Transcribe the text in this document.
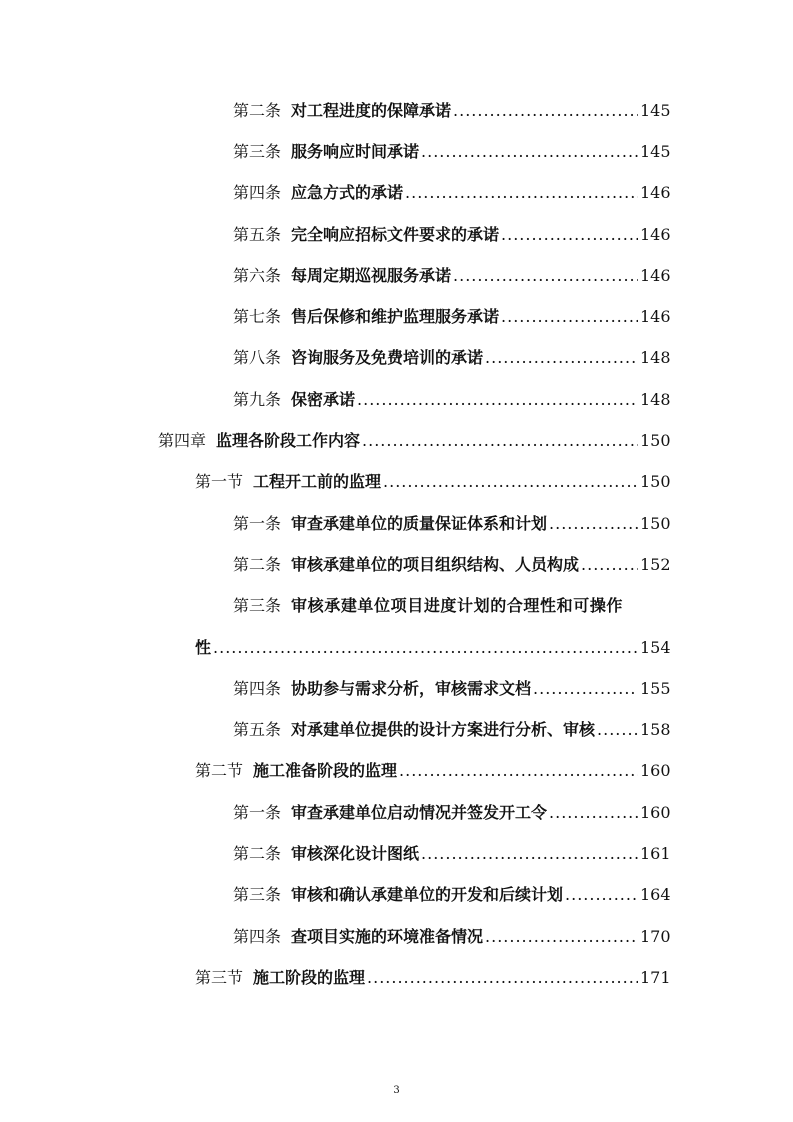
第二条 对工程进度的保障承诺 .....	145
第三条 服务响应时间承诺 .....	145
第四条 应急方式的承诺 .....	146
第五条 完全响应招标文件要求的承诺 .....	146
第六条 每周定期巡视服务承诺 .....	146
第七条 售后保修和维护监理服务承诺 .....	146
第八条 咨询服务及免费培训的承诺 .....	148
第九条 保密承诺 .....	148
第四章 监理各阶段工作内容 .....	150
第一节 工程开工前的监理 .....	150
第一条 审查承建单位的质量保证体系和计划 .....	150
第二条 审核承建单位的项目组织结构、人员构成 .....	152
第三条 审核承建单位项目进度计划的合理性和可操作
性 .....	154
第四条 协助参与需求分析，审核需求文档 .....	155
第五条 对承建单位提供的设计方案进行分析、审核 .....	158
第二节 施工准备阶段的监理 .....	160
第一条 审查承建单位启动情况并签发开工令 .....	160
第二条 审核深化设计图纸 .....	161
第三条 审核和确认承建单位的开发和后续计划 .....	164
第四条 查项目实施的环境准备情况 .....	170
第三节 施工阶段的监理 .....	171
3
